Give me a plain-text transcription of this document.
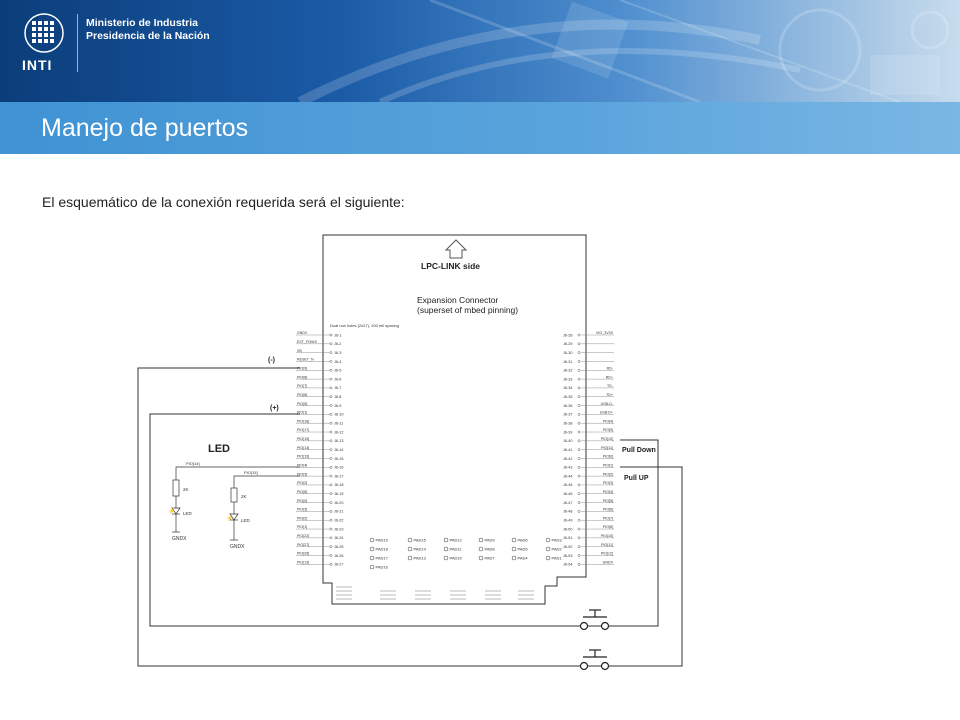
INTI
Ministerio de Industria
Presidencia de la Nación
Manejo de puertos
El esquemático de la conexión requerida será el siguiente:
LPC-LINK side
Expansion Connector
(superset of mbed pinning)
Dual row holes (2x27), 100 mil spacing
GNDX
J6-1
EXT_POWX
J6-2
VB
J6-3
RESET_N
J6-4
PIO[9]
J6-5
PIO[8]
J6-6
PIO[7]
J6-7
PIO[6]
J6-8
PIO[5]
J6-9
PIO[1]
J6-10
PIO[18]
J6-11
PIO[17]
J6-12
PIO[15]
J6-13
PIO[14]
J6-14
PIO[13]
J6-15
PIO[4]
J6-16
PIO[3]
J6-17
PIO[2]
J6-18
PIO[6]
J6-19
PIO[0]
J6-20
PIO[3]
J6-21
PIO[2]
J6-22
PIO[1]
J6-23
PIO[22]
J6-24
PIO[27]
J6-25
PIO[28]
J6-26
PIO[13]
J6-27
J6-28
VIO_3V3X
J6-29
J6-30
J6-31
J6-32
RD-
J6-33
RD+
J6-34
TD-
J6-35
TD+
J6-36
USB-D-
J6-37
USB-D+
J6-38
PIO[4]
J6-39
PIO[5]
J6-40
PIO[10]
J6-41
PIO[11]
J6-42
PIO[0]
J6-43
PIO[1]
J6-44
PIO[2]
J6-45
PIO[3]
J6-46
PIO[4]
J6-47
PIO[5]
J6-48
PIO[6]
J6-49
PIO[7]
J6-50
PIO[8]
J6-51
PIO[10]
J6-52
PIO[11]
J6-53
PIO[12]
J6-54
GNDX
PAD19	PAD15	PAD12	PAD9	PAD6	PAD3
PAD18	PAD14	PAD11	PAD8	PAD5	PAD2
PAD17	PAD13	PAD10	PAD7	PAD4	PAD1
PAD16
(-)
(+)
Pull Down
Pull UP
LED
PIO[14]
2K
LED
GNDX
⚡
PIO[15]
2K
LED
GNDX
⚡
